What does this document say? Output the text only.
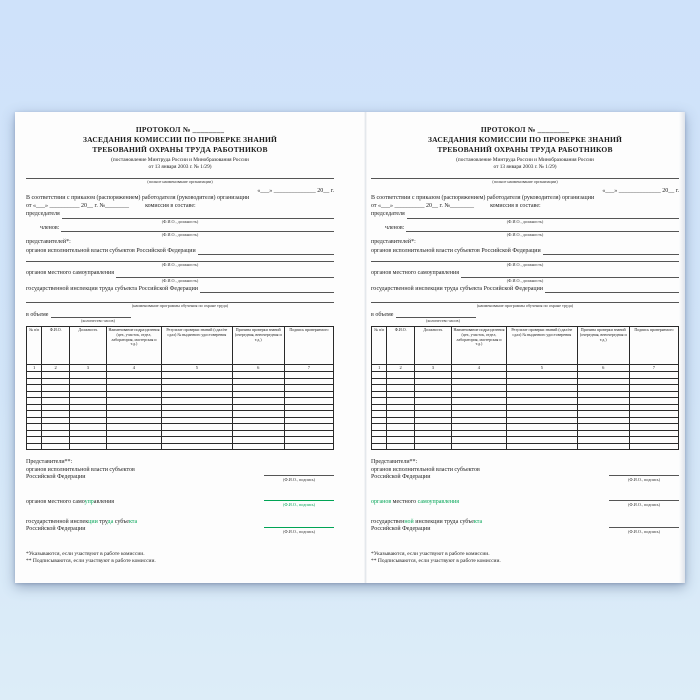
ПРОТОКОЛ № ________
ЗАСЕДАНИЯ КОМИССИИ ПО ПРОВЕРКЕ ЗНАНИЙ
ТРЕБОВАНИЙ ОХРАНЫ ТРУДА РАБОТНИКОВ
(постановление Минтруда России и Минобразования России
от 13 января 2003 г. № 1/29)
(полное наименование организации)
«___» ______________ 20__ г.
В соответствии с приказом (распоряжением) работодателя (руководителя) организации
от «___» __________ 20__ г. №________	комиссия в составе:
председателя
(Ф.И.О., должность)
членов:
(Ф.И.О., должность)
представителей*:
органов исполнительной власти субъектов Российской Федерации
(Ф.И.О., должность)
органов местного самоуправления
(Ф.И.О., должность)
государственной инспекции труда субъекта Российской Федерации
(наименование программы обучения по охране труда)
в объеме
(количество часов)
№ п/п	Ф.И.О.	Должность	Наименование подразделения (цех, участок, отдел, лаборатория, мастерская и т.д.)	Результат проверки знаний (сдал/не сдал) № выданного удостоверения	Причина проверки знаний (очередная, внеочередная и т.д.)	Подпись проверяемого
1	2	3	4	5	6	7

Представители**:
органов исполнительной власти субъектов
Российской Федерации	(Ф.И.О., подпись)
органов местного самоуправления	(Ф.И.О., подпись)
государственной инспекции труда субъекта
Российской Федерации	(Ф.И.О., подпись)
*Указываются, если участвуют в работе комиссии.
** Подписываются, если участвуют в работе комиссии.
ПРОТОКОЛ № ________
ЗАСЕДАНИЯ КОМИССИИ ПО ПРОВЕРКЕ ЗНАНИЙ
ТРЕБОВАНИЙ ОХРАНЫ ТРУДА РАБОТНИКОВ
(постановление Минтруда России и Минобразования России
от 13 января 2003 г. № 1/29)
(полное наименование организации)
«___» ______________ 20__ г.
В соответствии с приказом (распоряжением) работодателя (руководителя) организации
от «___» __________ 20__ г. №________	комиссия в составе:
председателя
(Ф.И.О., должность)
членов:
(Ф.И.О., должность)
представителей*:
органов исполнительной власти субъектов Российской Федерации
(Ф.И.О., должность)
органов местного самоуправления
(Ф.И.О., должность)
государственной инспекции труда субъекта Российской Федерации
(наименование программы обучения по охране труда)
в объеме
(количество часов)
№ п/п	Ф.И.О.	Должность	Наименование подразделения (цех, участок, отдел, лаборатория, мастерская и т.д.)	Результат проверки знаний (сдал/не сдал) № выданного удостоверения	Причина проверки знаний (очередная, внеочередная и т.д.)	Подпись проверяемого
1	2	3	4	5	6	7

Представители**:
органов исполнительной власти субъектов
Российской Федерации	(Ф.И.О., подпись)
органов местного самоуправления	(Ф.И.О., подпись)
государственной инспекции труда субъекта
Российской Федерации	(Ф.И.О., подпись)
*Указываются, если участвуют в работе комиссии.
** Подписываются, если участвуют в работе комиссии.
